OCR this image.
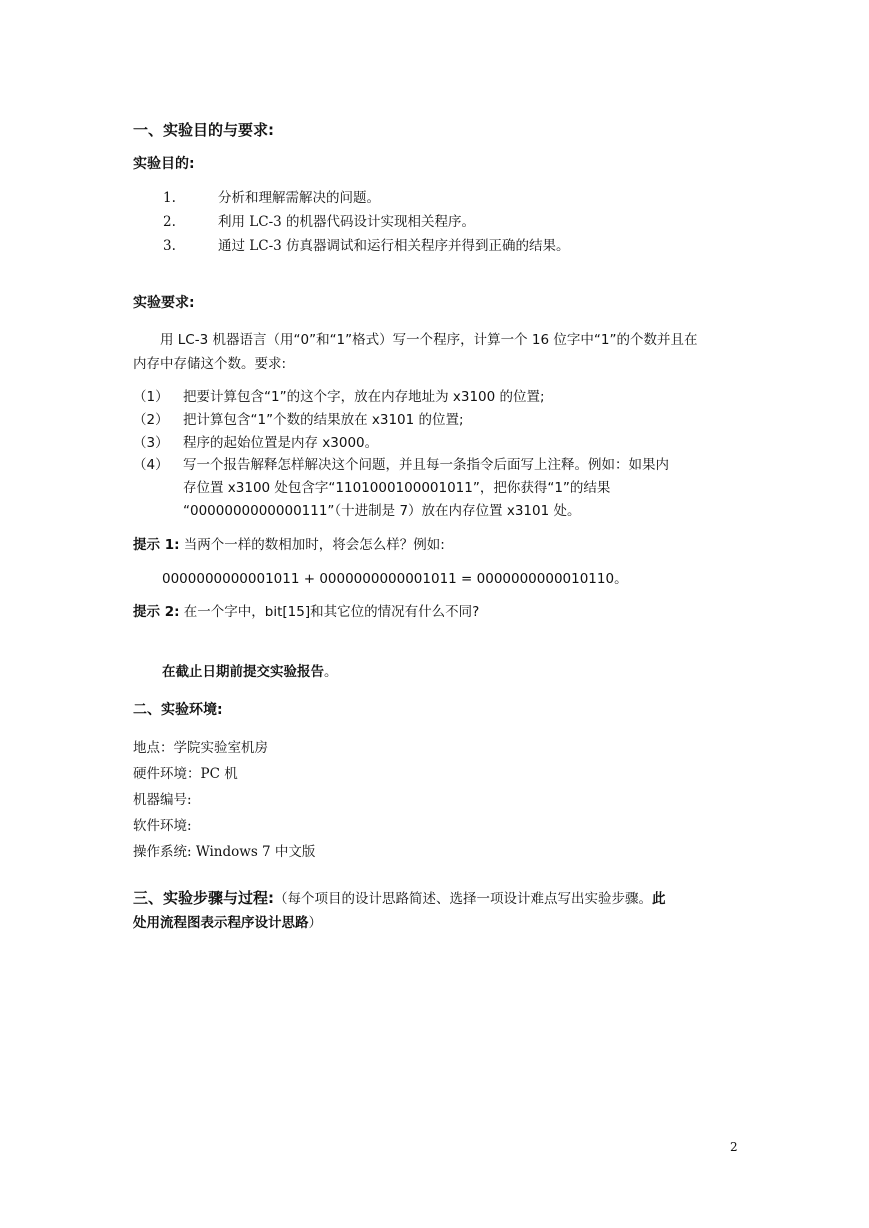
一、实验目的与要求:
实验目的:
1.	分析和理解需解决的问题。
2.	利用 LC-3 的机器代码设计实现相关程序。
3.	通过 LC-3 仿真器调试和运行相关程序并得到正确的结果。
实验要求:
用 LC-3 机器语言（用“0”和“1”格式）写一个程序，计算一个 16 位字中“1”的个数并且在
内存中存储这个数。要求:
（1） 把要计算包含“1”的这个字，放在内存地址为 x3100 的位置;
（2） 把计算包含“1”个数的结果放在 x3101 的位置;
（3） 程序的起始位置是内存 x3000。
（4） 写一个报告解释怎样解决这个问题，并且每一条指令后面写上注释。例如：如果内
存位置 x3100 处包含字“1101000100001011”，把你获得“1”的结果
“0000000000000111”（十进制是 7）放在内存位置 x3101 处。
提示 1: 当两个一样的数相加时，将会怎么样？例如:
0000000000001011 + 0000000000001011 = 0000000000010110。
提示 2: 在一个字中，bit[15]和其它位的情况有什么不同?
在截止日期前提交实验报告。
二、实验环境:
地点：学院实验室机房
硬件环境：PC 机
机器编号:
软件环境:
操作系统: Windows 7 中文版
三、实验步骤与过程:（每个项目的设计思路简述、选择一项设计难点写出实验步骤。此
处用流程图表示程序设计思路）
2
